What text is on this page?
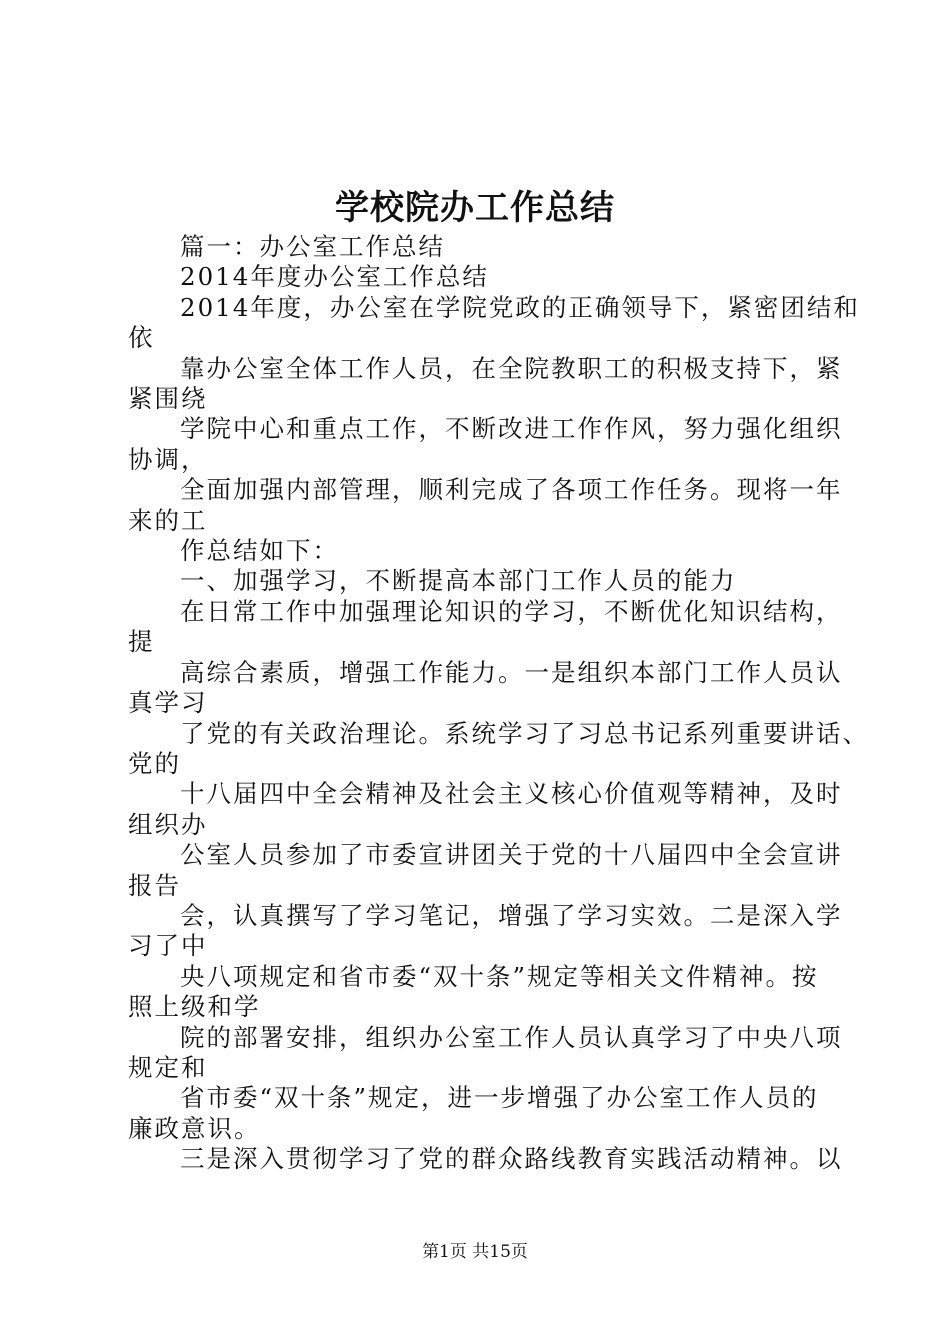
学校院办工作总结
篇一：办公室工作总结
2014年度办公室工作总结
2014年度，办公室在学院党政的正确领导下，紧密团结和
依
靠办公室全体工作人员，在全院教职工的积极支持下，紧
紧围绕
学院中心和重点工作，不断改进工作作风，努力强化组织
协调，
全面加强内部管理，顺利完成了各项工作任务。现将一年
来的工
作总结如下：
一、加强学习，不断提高本部门工作人员的能力
在日常工作中加强理论知识的学习，不断优化知识结构，
提
高综合素质，增强工作能力。一是组织本部门工作人员认
真学习
了党的有关政治理论。系统学习了习总书记系列重要讲话、
党的
十八届四中全会精神及社会主义核心价值观等精神，及时
组织办
公室人员参加了市委宣讲团关于党的十八届四中全会宣讲
报告
会，认真撰写了学习笔记，增强了学习实效。二是深入学
习了中
央八项规定和省市委“双十条”规定等相关文件精神。按
照上级和学
院的部署安排，组织办公室工作人员认真学习了中央八项
规定和
省市委“双十条”规定，进一步增强了办公室工作人员的
廉政意识。
三是深入贯彻学习了党的群众路线教育实践活动精神。以
第1页 共15页
